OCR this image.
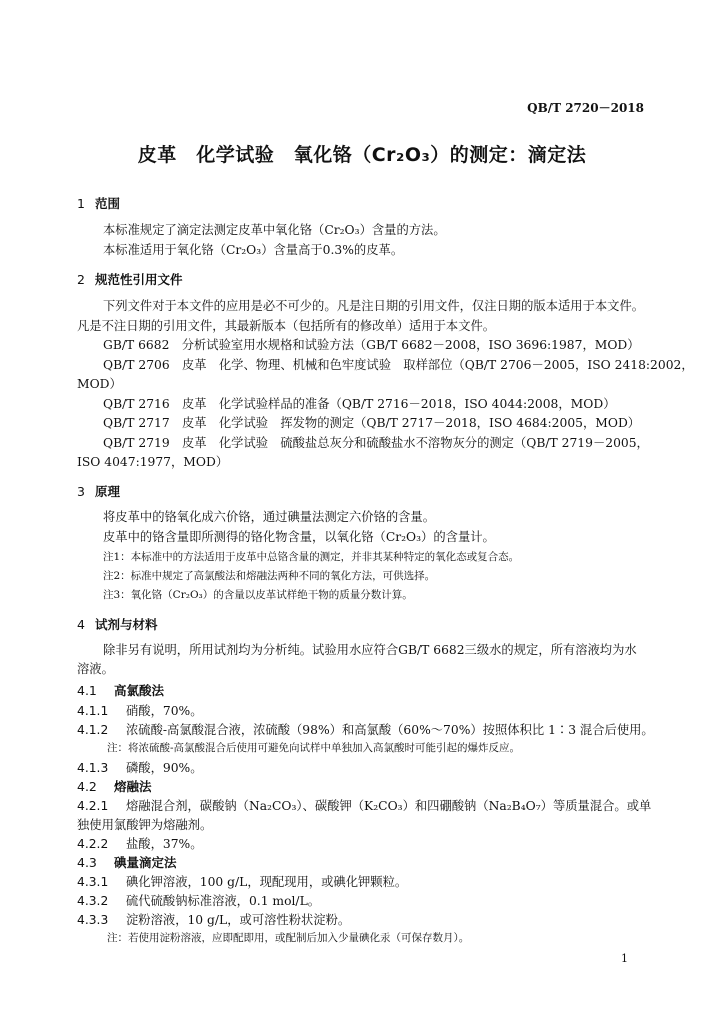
QB/T 2720－2018
皮革　化学试验　氧化铬（Cr₂O₃）的测定：滴定法
1 范围
本标准规定了滴定法测定皮革中氧化铬（Cr₂O₃）含量的方法。
本标准适用于氧化铬（Cr₂O₃）含量高于0.3%的皮革。
2 规范性引用文件
下列文件对于本文件的应用是必不可少的。凡是注日期的引用文件，仅注日期的版本适用于本文件。
凡是不注日期的引用文件，其最新版本（包括所有的修改单）适用于本文件。
GB/T 6682　分析试验室用水规格和试验方法（GB/T 6682－2008，ISO 3696:1987，MOD）
QB/T 2706　皮革　化学、物理、机械和色牢度试验　取样部位（QB/T 2706－2005，ISO 2418:2002，
MOD）
QB/T 2716　皮革　化学试验样品的准备（QB/T 2716－2018，ISO 4044:2008，MOD）
QB/T 2717　皮革　化学试验　挥发物的测定（QB/T 2717－2018，ISO 4684:2005，MOD）
QB/T 2719　皮革　化学试验　硫酸盐总灰分和硫酸盐水不溶物灰分的测定（QB/T 2719－2005，
ISO 4047:1977，MOD）
3 原理
将皮革中的铬氧化成六价铬，通过碘量法测定六价铬的含量。
皮革中的铬含量即所测得的铬化物含量，以氧化铬（Cr₂O₃）的含量计。
注1：本标准中的方法适用于皮革中总铬含量的测定，并非其某种特定的氧化态或复合态。
注2：标准中规定了高氯酸法和熔融法两种不同的氧化方法，可供选择。
注3：氧化铬（Cr₂O₃）的含量以皮革试样绝干物的质量分数计算。
4 试剂与材料
除非另有说明，所用试剂均为分析纯。试验用水应符合GB/T 6682三级水的规定，所有溶液均为水
溶液。
4.1 高氯酸法
4.1.1 硝酸，70%。
4.1.2 浓硫酸-高氯酸混合液，浓硫酸（98%）和高氯酸（60%～70%）按照体积比 1∶3 混合后使用。
注：将浓硫酸-高氯酸混合后使用可避免向试样中单独加入高氯酸时可能引起的爆炸反应。
4.1.3 磷酸，90%。
4.2 熔融法
4.2.1 熔融混合剂，碳酸钠（Na₂CO₃）、碳酸钾（K₂CO₃）和四硼酸钠（Na₂B₄O₇）等质量混合。或单
独使用氯酸钾为熔融剂。
4.2.2 盐酸，37%。
4.3 碘量滴定法
4.3.1 碘化钾溶液，100 g/L，现配现用，或碘化钾颗粒。
4.3.2 硫代硫酸钠标准溶液，0.1 mol/L。
4.3.3 淀粉溶液，10 g/L，或可溶性粉状淀粉。
注：若使用淀粉溶液，应即配即用，或配制后加入少量碘化汞（可保存数月）。
1
